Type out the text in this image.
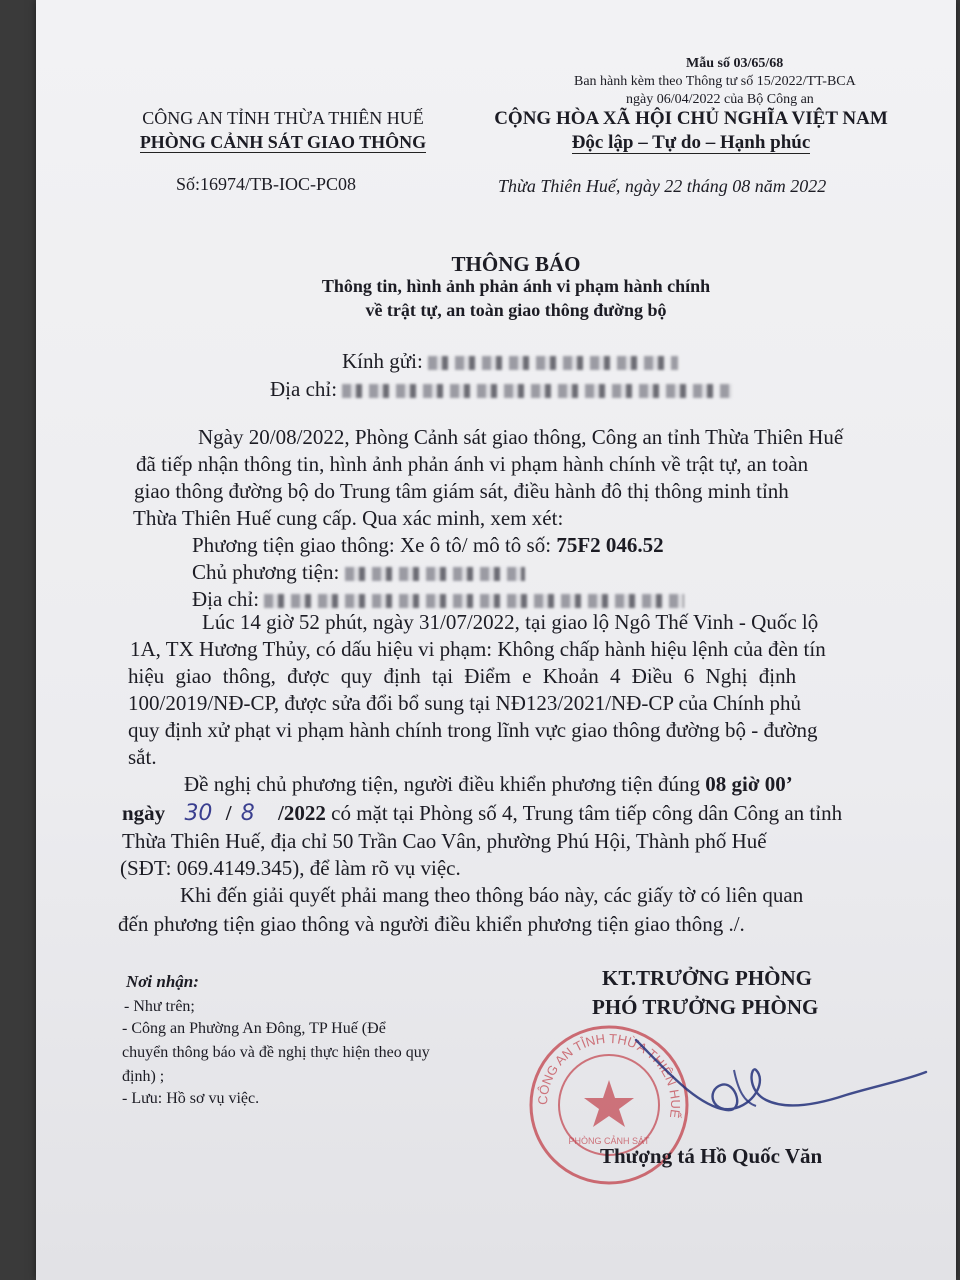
Mẫu số 03/65/68
Ban hành kèm theo Thông tư số 15/2022/TT-BCA
ngày 06/04/2022 của Bộ Công an
CÔNG AN TỈNH THỪA THIÊN HUẾ
PHÒNG CẢNH SÁT GIAO THÔNG
Số:16974/TB-IOC-PC08
CỘNG HÒA XÃ HỘI CHỦ NGHĨA VIỆT NAM
Độc lập – Tự do – Hạnh phúc
Thừa Thiên Huế, ngày 22 tháng 08 năm 2022
THÔNG BÁO
Thông tin, hình ảnh phản ánh vi phạm hành chính
về trật tự, an toàn giao thông đường bộ
Kính gửi:
Địa chỉ:
Ngày 20/08/2022, Phòng Cảnh sát giao thông, Công an tỉnh Thừa Thiên Huế
đã tiếp nhận thông tin, hình ảnh phản ánh vi phạm hành chính về trật tự, an toàn
giao thông đường bộ do Trung tâm giám sát, điều hành đô thị thông minh tỉnh
Thừa Thiên Huế cung cấp. Qua xác minh, xem xét:
Phương tiện giao thông: Xe ô tô/ mô tô số: 75F2 046.52
Chủ phương tiện:
Địa chỉ:
Lúc 14 giờ 52 phút, ngày 31/07/2022, tại giao lộ Ngô Thế Vinh - Quốc lộ
1A, TX Hương Thủy, có dấu hiệu vi phạm: Không chấp hành hiệu lệnh của đèn tín
hiệu giao thông, được quy định tại Điểm e Khoản 4 Điều 6 Nghị định
100/2019/NĐ-CP, được sửa đổi bổ sung tại NĐ123/2021/NĐ-CP của Chính phủ
quy định xử phạt vi phạm hành chính trong lĩnh vực giao thông đường bộ - đường
sắt.
Đề nghị chủ phương tiện, người điều khiển phương tiện đúng 08 giờ 00’
ngày 30 / 8 /2022 có mặt tại Phòng số 4, Trung tâm tiếp công dân Công an tỉnh
Thừa Thiên Huế, địa chỉ 50 Trần Cao Vân, phường Phú Hội, Thành phố Huế
(SĐT: 069.4149.345), để làm rõ vụ việc.
Khi đến giải quyết phải mang theo thông báo này, các giấy tờ có liên quan
đến phương tiện giao thông và người điều khiển phương tiện giao thông ./.
Nơi nhận:
- Như trên;
- Công an Phường An Đông, TP Huế (Để
chuyển thông báo và đề nghị thực hiện theo quy
định) ;
- Lưu: Hồ sơ vụ việc.
KT.TRƯỞNG PHÒNG
PHÓ TRƯỞNG PHÒNG
CÔNG AN TỈNH THỪA THIÊN HUẾ
PHÒNG CẢNH SÁT
Thượng tá Hồ Quốc Văn
